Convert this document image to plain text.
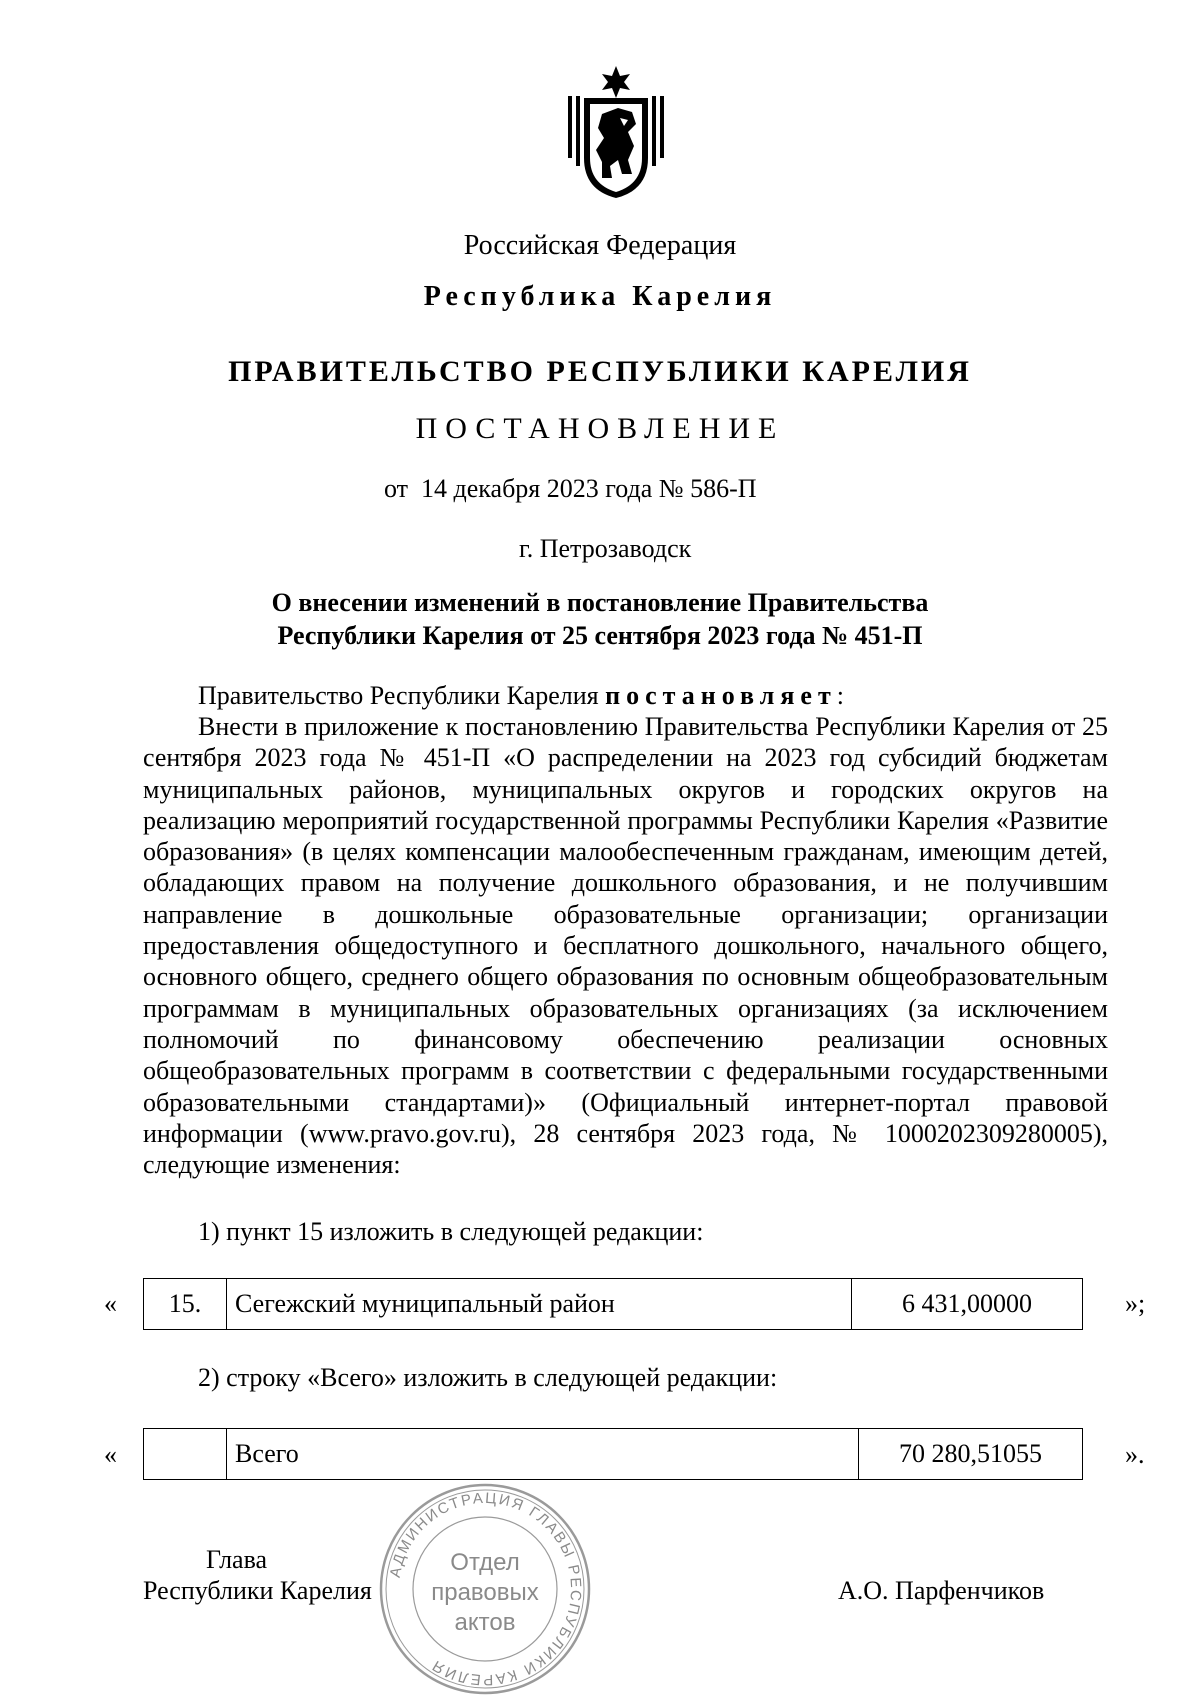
Российская Федерация
Республика Карелия
ПРАВИТЕЛЬСТВО РЕСПУБЛИКИ КАРЕЛИЯ
ПОСТАНОВЛЕНИЕ
от  14 декабря 2023 года № 586-П
г. Петрозаводск
О внесении изменений в постановление Правительства
Республики Карелия от 25 сентября 2023 года № 451-П
Правительство Республики Карелия постановляет:
Внести в приложение к постановлению Правительства Республики Карелия от 25 сентября 2023 года № 451-П «О распределении на 2023 год субсидий бюджетам муниципальных районов, муниципальных округов и городских округов на реализацию мероприятий государственной программы Республики Карелия «Развитие образования» (в целях компенсации малообеспеченным гражданам, имеющим детей, обладающих правом на получение дошкольного образования, и не получившим направление в дошкольные образовательные организации; организации предоставления общедоступного и бесплатного дошкольного, начального общего, основного общего, среднего общего образования по основным общеобразовательным программам в муниципальных образовательных организациях (за исключением полномочий по финансовому обеспечению реализации основных общеобразовательных программ в соответствии с федеральными государственными образовательными стандартами)» (Официальный интернет-портал правовой информации (www.pravo.gov.ru), 28 сентября 2023 года, № 1000202309280005), следующие изменения:
1) пункт 15 изложить в следующей редакции:
« 15.	Сегежский муниципальный район	6 431,00000	»;
2) строку «Всего» изложить в следующей редакции:
«
		Всего	70 280,51055	».
АДМИНИСТРАЦИЯ ГЛАВЫ РЕСПУБЛИКИ КАРЕЛИЯ
Отдел
правовых
актов
Глава
Республики Карелия	А.О. Парфенчиков
